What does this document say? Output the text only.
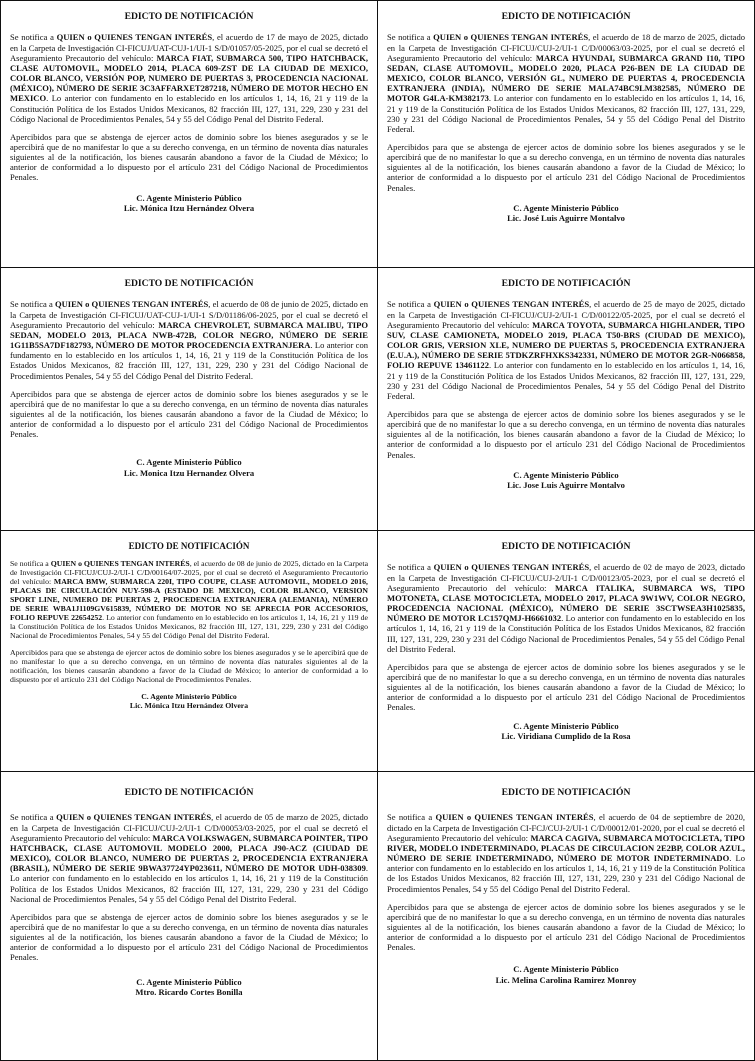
EDICTO DE NOTIFICACIÓN

Se notifica a QUIEN o QUIENES TENGAN INTERÉS, el acuerdo de 17 de mayo de 2025, dictado en la Carpeta de Investigación CI-FICUJ/UAT-CUJ-1/UI-1 S/D/01057/05-2025, por el cual se decretó el Aseguramiento Precautorio del vehículo: MARCA FIAT, SUBMARCA 500, TIPO HATCHBACK, CLASE AUTOMOVIL, MODELO 2014, PLACA 609-ZST DE LA CIUDAD DE MEXICO, COLOR BLANCO, VERSIÓN POP, NUMERO DE PUERTAS 3, PROCEDENCIA NACIONAL (MÉXICO), NÚMERO DE SERIE 3C3AFFARXET287218, NÚMERO DE MOTOR HECHO EN MEXICO. Lo anterior con fundamento en lo establecido en los artículos 1, 14, 16, 21 y 119 de la Constitución Política de los Estados Unidos Mexicanos, 82 fracción III, 127, 131, 229, 230 y 231 del Código Nacional de Procedimientos Penales, 54 y 55 del Código Penal del Distrito Federal.

Apercibidos para que se abstenga de ejercer actos de dominio sobre los bienes asegurados y se le apercibirá que de no manifestar lo que a su derecho convenga, en un término de noventa días naturales siguientes al de la notificación, los bienes causarán abandono a favor de la Ciudad de México; lo anterior de conformidad a lo dispuesto por el artículo 231 del Código Nacional de Procedimientos Penales.

C. Agente Ministerio Público
Lic. Mónica Itzu Hernández Olvera
EDICTO DE NOTIFICACIÓN

Se notifica a QUIEN o QUIENES TENGAN INTERÉS, el acuerdo de 18 de marzo de 2025, dictado en la Carpeta de Investigación CI-FICUJ/CUJ-2/UI-1 C/D/00063/03-2025, por el cual se decretó el Aseguramiento Precautorio del vehículo: MARCA HYUNDAI, SUBMARCA GRAND I10, TIPO SEDAN, CLASE AUTOMOVIL, MODELO 2020, PLACA P26-BEN DE LA CIUDAD DE MEXICO, COLOR BLANCO, VERSIÓN GL, NUMERO DE PUERTAS 4, PROCEDENCIA EXTRANJERA (INDIA), NÚMERO DE SERIE MALA74BC9LM382585, NÚMERO DE MOTOR G4LA-KM382173. Lo anterior con fundamento en lo establecido en los artículos 1, 14, 16, 21 y 119 de la Constitución Política de los Estados Unidos Mexicanos, 82 fracción III, 127, 131, 229, 230 y 231 del Código Nacional de Procedimientos Penales, 54 y 55 del Código Penal del Distrito Federal.

Apercibidos para que se abstenga de ejercer actos de dominio sobre los bienes asegurados y se le apercibirá que de no manifestar lo que a su derecho convenga, en un término de noventa días naturales siguientes al de la notificación, los bienes causarán abandono a favor de la Ciudad de México; lo anterior de conformidad a lo dispuesto por el artículo 231 del Código Nacional de Procedimientos Penales.

C. Agente Ministerio Público
Lic. José Luis Aguirre Montalvo
EDICTO DE NOTIFICACIÓN

Se notifica a QUIEN o QUIENES TENGAN INTERÉS, el acuerdo de 08 de junio de 2025, dictado en la Carpeta de Investigación CI-FICUJ/UAT-CUJ-1/UI-1 S/D/01186/06-2025, por el cual se decretó el Aseguramiento Precautorio del vehículo: MARCA CHEVROLET, SUBMARCA MALIBU, TIPO SEDAN, MODELO 2013, PLACA NWB-472B, COLOR NEGRO, NÚMERO DE SERIE 1G11B5SA7DF182793, NÚMERO DE MOTOR PROCEDENCIA EXTRANJERA. Lo anterior con fundamento en lo establecido en los artículos 1, 14, 16, 21 y 119 de la Constitución Política de los Estados Unidos Mexicanos, 82 fracción III, 127, 131, 229, 230 y 231 del Código Nacional de Procedimientos Penales, 54 y 55 del Código Penal del Distrito Federal.

Apercibidos para que se abstenga de ejercer actos de dominio sobre los bienes asegurados y se le apercibirá que de no manifestar lo que a su derecho convenga, en un término de noventa días naturales siguientes al de la notificación, los bienes causarán abandono a favor de la Ciudad de México; lo anterior de conformidad a lo dispuesto por el artículo 231 del Código Nacional de Procedimientos Penales.

C. Agente Ministerio Público
Lic. Monica Itzu Hernandez Olvera
EDICTO DE NOTIFICACIÓN

Se notifica a QUIEN o QUIENES TENGAN INTERÉS, el acuerdo de 25 de mayo de 2025, dictado en la Carpeta de Investigación CI-FICUJ/CUJ-2/UI-1 C/D/00122/05-2025, por el cual se decretó el Aseguramiento Precautorio del vehículo: MARCA TOYOTA, SUBMARCA HIGHLANDER, TIPO SUV, CLASE CAMIONETA, MODELO 2019, PLACA T50-BRS (CIUDAD DE MEXICO), COLOR GRIS, VERSION XLE, NUMERO DE PUERTAS 5, PROCEDENCIA EXTRANJERA (E.U.A.), NÚMERO DE SERIE 5TDKZRFHXKS342331, NÚMERO DE MOTOR 2GR-N066858, FOLIO REPUVE 13461122. Lo anterior con fundamento en lo establecido en los artículos 1, 14, 16, 21 y 119 de la Constitución Política de los Estados Unidos Mexicanos, 82 fracción III, 127, 131, 229, 230 y 231 del Código Nacional de Procedimientos Penales, 54 y 55 del Código Penal del Distrito Federal.

Apercibidos para que se abstenga de ejercer actos de dominio sobre los bienes asegurados y se le apercibirá que de no manifestar lo que a su derecho convenga, en un término de noventa días naturales siguientes al de la notificación, los bienes causarán abandono a favor de la Ciudad de México; lo anterior de conformidad a lo dispuesto por el artículo 231 del Código Nacional de Procedimientos Penales.

C. Agente Ministerio Público
Lic. Jose Luis Aguirre Montalvo
EDICTO DE NOTIFICACIÓN

Se notifica a QUIEN o QUIENES TENGAN INTERÉS, el acuerdo de 08 de junio de 2025, dictado en la Carpeta de Investigación CI-FICUJ/CUJ-2/UI-1 C/D/00164/07-2025, por el cual se decretó el Aseguramiento Precautorio del vehículo: MARCA BMW, SUBMARCA 220I, TIPO COUPE, CLASE AUTOMOVIL, MODELO 2016, PLACAS DE CIRCULACIÓN NUY-598-A (ESTADO DE MEXICO), COLOR BLANCO, VERSION SPORT LINE, NUMERO DE PUERTAS 2, PROCEDENCIA EXTRANJERA (ALEMANIA), NÚMERO DE SERIE WBA1J1109GV615839, NÚMERO DE MOTOR NO SE APRECIA POR ACCESORIOS, FOLIO REPUVE 22654252. Lo anterior con fundamento en lo establecido en los artículos 1, 14, 16, 21 y 119 de la Constitución Política de los Estados Unidos Mexicanos, 82 fracción III, 127, 131, 229, 230 y 231 del Código Nacional de Procedimientos Penales, 54 y 55 del Código Penal del Distrito Federal.

Apercibidos para que se abstenga de ejercer actos de dominio sobre los bienes asegurados y se le apercibirá que de no manifestar lo que a su derecho convenga, en un término de noventa días naturales siguientes al de la notificación, los bienes causarán abandono a favor de la Ciudad de México; lo anterior de conformidad a lo dispuesto por el artículo 231 del Código Nacional de Procedimientos Penales.

C. Agente Ministerio Público
Lic. Mónica Itzu Hernández Olvera
EDICTO DE NOTIFICACIÓN

Se notifica a QUIEN o QUIENES TENGAN INTERÉS, el acuerdo de 02 de mayo de 2023, dictado en la Carpeta de Investigación CI-FICUJ/CUJ-2/UI-1 C/D/00123/05-2023, por el cual se decretó el Aseguramiento Precautorio del vehículo: MARCA ITALIKA, SUBMARCA WS, TIPO MOTONETA, CLASE MOTOCICLETA, MODELO 2017, PLACA 9W1WV, COLOR NEGRO, PROCEDENCIA NACIONAL (MÉXICO), NÚMERO DE SERIE 3SCTWSEA3H1025835, NÚMERO DE MOTOR LC157QMJ-H6661032. Lo anterior con fundamento en lo establecido en los artículos 1, 14, 16, 21 y 119 de la Constitución Política de los Estados Unidos Mexicanos, 82 fracción III, 127, 131, 229, 230 y 231 del Código Nacional de Procedimientos Penales, 54 y 55 del Código Penal del Distrito Federal.

Apercibidos para que se abstenga de ejercer actos de dominio sobre los bienes asegurados y se le apercibirá que de no manifestar lo que a su derecho convenga, en un término de noventa días naturales siguientes al de la notificación, los bienes causarán abandono a favor de la Ciudad de México; lo anterior de conformidad a lo dispuesto por el artículo 231 del Código Nacional de Procedimientos Penales.

C. Agente Ministerio Público
Lic. Viridiana Cumplido de la Rosa
EDICTO DE NOTIFICACIÓN

Se notifica a QUIEN o QUIENES TENGAN INTERÉS, el acuerdo de 05 de marzo de 2025, dictado en la Carpeta de Investigación CI-FICUJ/CUJ-2/UI-1 C/D/00053/03-2025, por el cual se decretó el Aseguramiento Precautorio del vehículo: MARCA VOLKSWAGEN, SUBMARCA POINTER, TIPO HATCHBACK, CLASE AUTOMOVIL MODELO 2000, PLACA J90-ACZ (CIUDAD DE MEXICO), COLOR BLANCO, NUMERO DE PUERTAS 2, PROCEDENCIA EXTRANJERA (BRASIL), NÚMERO DE SERIE 9BWA37724YP023611, NÚMERO DE MOTOR UDH-038309. Lo anterior con fundamento en lo establecido en los artículos 1, 14, 16, 21 y 119 de la Constitución Política de los Estados Unidos Mexicanos, 82 fracción III, 127, 131, 229, 230 y 231 del Código Nacional de Procedimientos Penales, 54 y 55 del Código Penal del Distrito Federal.

Apercibidos para que se abstenga de ejercer actos de dominio sobre los bienes asegurados y se le apercibirá que de no manifestar lo que a su derecho convenga, en un término de noventa días naturales siguientes al de la notificación, los bienes causarán abandono a favor de la Ciudad de México; lo anterior de conformidad a lo dispuesto por el artículo 231 del Código Nacional de Procedimientos Penales.

C. Agente Ministerio Público
Mtro. Ricardo Cortes Bonilla
EDICTO DE NOTIFICACIÓN

Se notifica a QUIEN o QUIENES TENGAN INTERÉS, el acuerdo de 04 de septiembre de 2020, dictado en la Carpeta de Investigación CI-FCJ/CUJ-2/UI-1 C/D/00012/01-2020, por el cual se decretó el Aseguramiento Precautorio del vehículo: MARCA CAGIVA, SUBMARCA MOTOCICLETA, TIPO RIVER, MODELO INDETERMINADO, PLACAS DE CIRCULACION 2E2BP, COLOR AZUL, NÚMERO DE SERIE INDETERMINADO, NÚMERO DE MOTOR INDETERMINADO. Lo anterior con fundamento en lo establecido en los artículos 1, 14, 16, 21 y 119 de la Constitución Política de los Estados Unidos Mexicanos, 82 fracción III, 127, 131, 229, 230 y 231 del Código Nacional de Procedimientos Penales, 54 y 55 del Código Penal del Distrito Federal.

Apercibidos para que se abstenga de ejercer actos de dominio sobre los bienes asegurados y se le apercibirá que de no manifestar lo que a su derecho convenga, en un término de noventa días naturales siguientes al de la notificación, los bienes causarán abandono a favor de la Ciudad de México; lo anterior de conformidad a lo dispuesto por el artículo 231 del Código Nacional de Procedimientos Penales.

C. Agente Ministerio Público
Lic. Melina Carolina Ramirez Monroy
